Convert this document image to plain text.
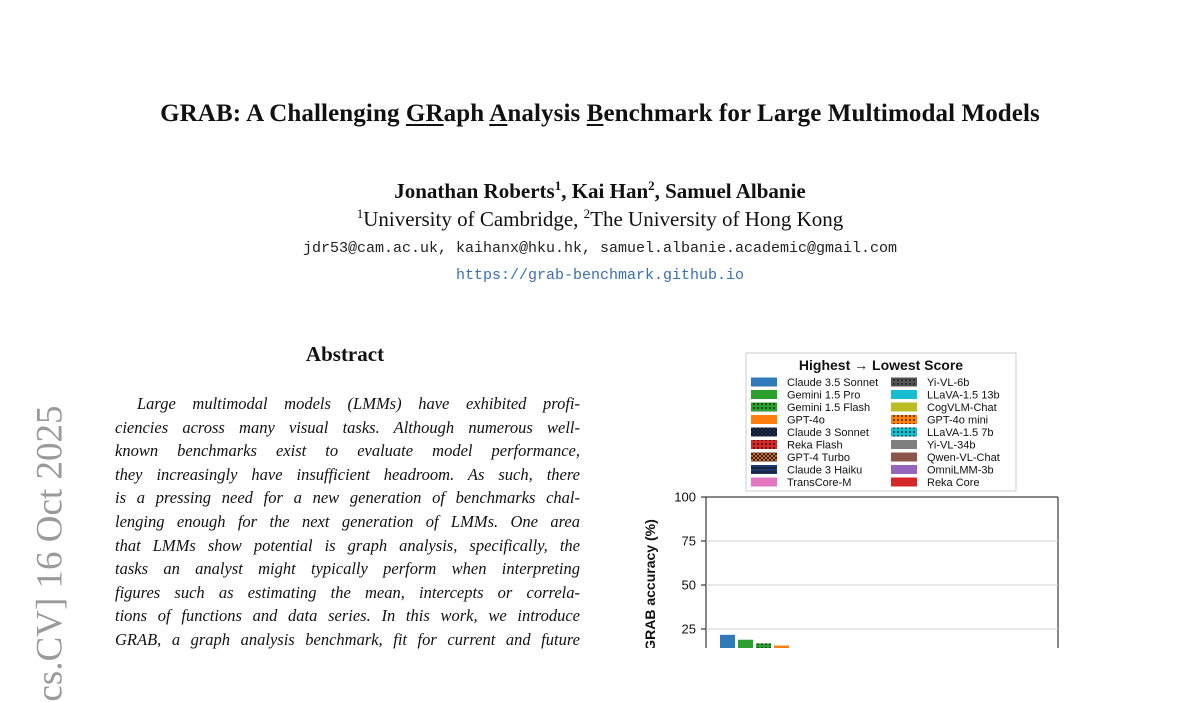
GRAB: A Challenging GRaph Analysis Benchmark for Large Multimodal Models
Jonathan Roberts$^1$, Kai Han$^2$, Samuel Albanie
$^1$University of Cambridge, $^2$The University of Hong Kong
jdr53@cam.ac.uk, kaihanx@hku.hk, samuel.albanie.academic@gmail.com
https://grab-benchmark.github.io
cs.CV] 16 Oct 2025
Abstract
Large multimodal models (LMMs) have exhibited profi-
ciencies across many visual tasks. Although numerous well-
known benchmarks exist to evaluate model performance,
they increasingly have insufficient headroom. As such, there
is a pressing need for a new generation of benchmarks chal-
lenging enough for the next generation of LMMs. One area
that LMMs show potential is graph analysis, specifically, the
tasks an analyst might typically perform when interpreting
figures such as estimating the mean, intercepts or correla-
tions of functions and data series. In this work, we introduce
GRAB, a graph analysis benchmark, fit for current and future
Highest → Lowest Score
Claude 3.5 Sonnet
Gemini 1.5 Pro
Gemini 1.5 Flash
GPT-4o
Claude 3 Sonnet
Reka Flash
GPT-4 Turbo
Claude 3 Haiku
TransCore-M
Yi-VL-6b
LLaVA-1.5 13b
CogVLM-Chat
GPT-4o mini
LLaVA-1.5 7b
Yi-VL-34b
Qwen-VL-Chat
OmniLMM-3b
Reka Core
25
50
75
100
GRAB accuracy (%)
